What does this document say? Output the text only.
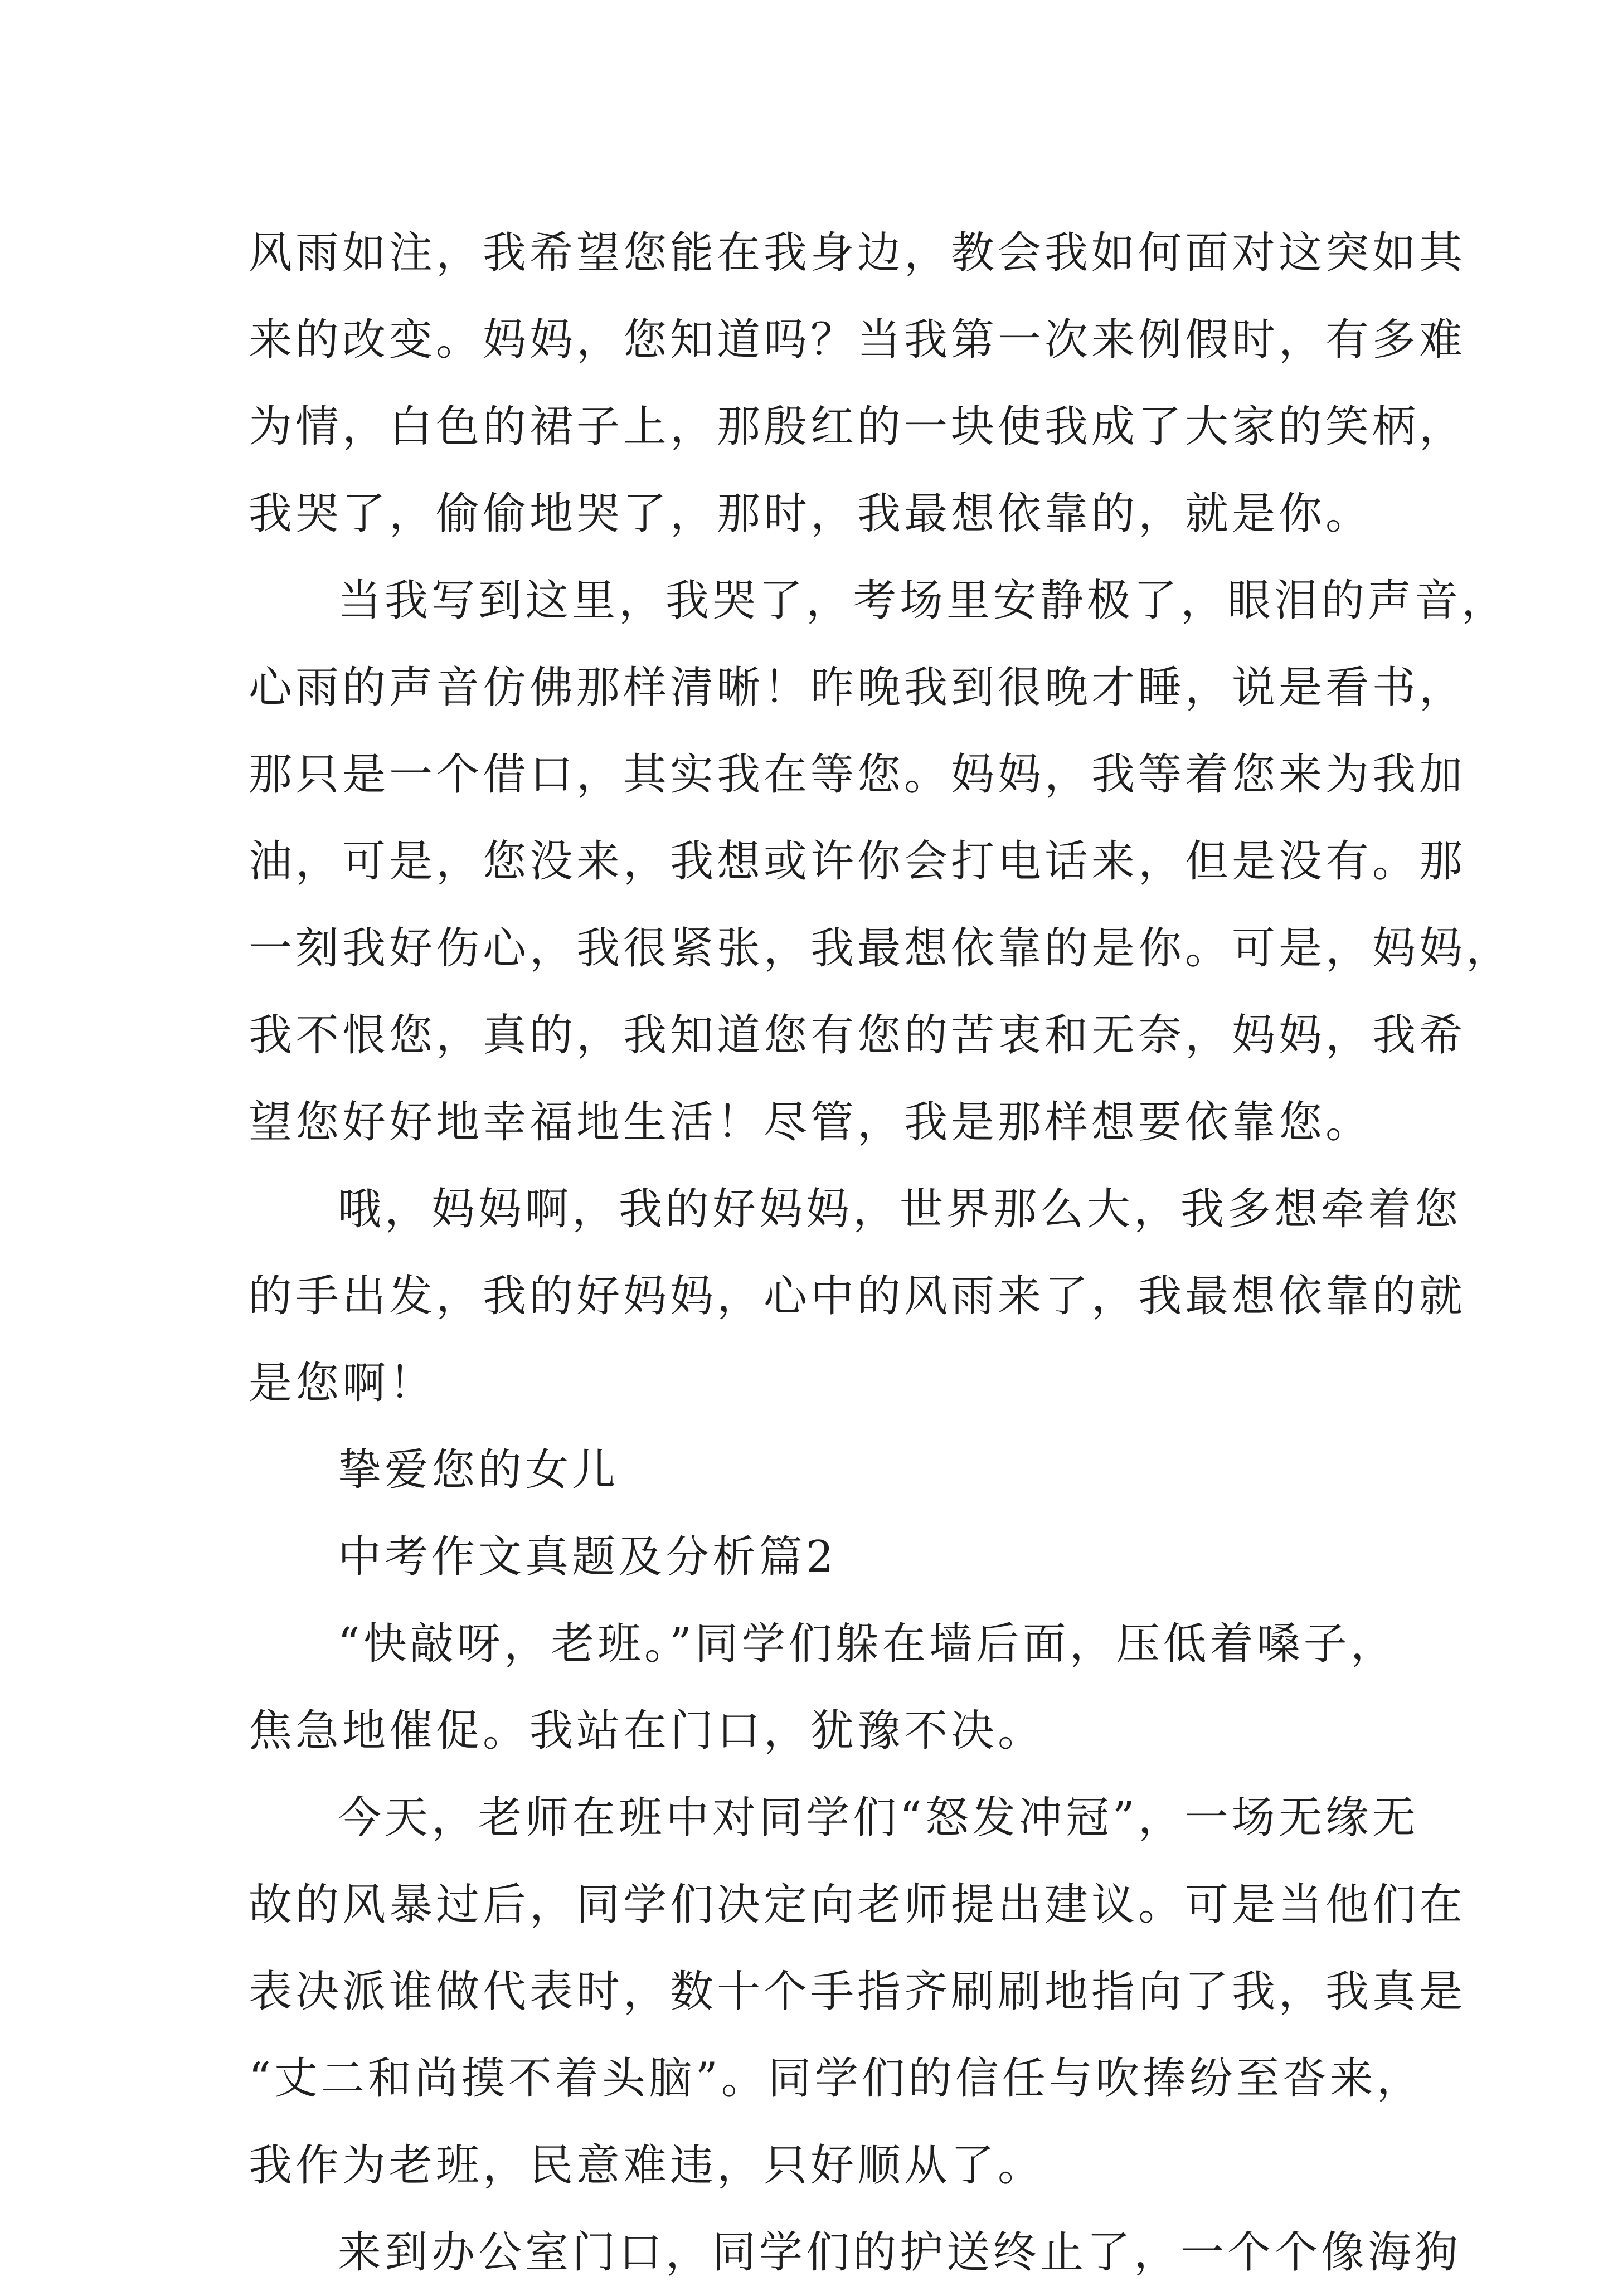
风雨如注，我希望您能在我身边，教会我如何面对这突如其
来的改变。妈妈，您知道吗？当我第一次来例假时，有多难
为情，白色的裙子上，那殷红的一块使我成了大家的笑柄，
我哭了，偷偷地哭了，那时，我最想依靠的，就是你。
当我写到这里，我哭了，考场里安静极了，眼泪的声音，
心雨的声音仿佛那样清晰！昨晚我到很晚才睡，说是看书，
那只是一个借口，其实我在等您。妈妈，我等着您来为我加
油，可是，您没来，我想或许你会打电话来，但是没有。那
一刻我好伤心，我很紧张，我最想依靠的是你。可是，妈妈，
我不恨您，真的，我知道您有您的苦衷和无奈，妈妈，我希
望您好好地幸福地生活！尽管，我是那样想要依靠您。
哦，妈妈啊，我的好妈妈，世界那么大，我多想牵着您
的手出发，我的好妈妈，心中的风雨来了，我最想依靠的就
是您啊！
挚爱您的女儿
中考作文真题及分析篇2
“快敲呀，老班。”同学们躲在墙后面，压低着嗓子，
焦急地催促。我站在门口，犹豫不决。
今天，老师在班中对同学们“怒发冲冠”，一场无缘无
故的风暴过后，同学们决定向老师提出建议。可是当他们在
表决派谁做代表时，数十个手指齐刷刷地指向了我，我真是
“丈二和尚摸不着头脑”。同学们的信任与吹捧纷至沓来，
我作为老班，民意难违，只好顺从了。
来到办公室门口，同学们的护送终止了，一个个像海狗
